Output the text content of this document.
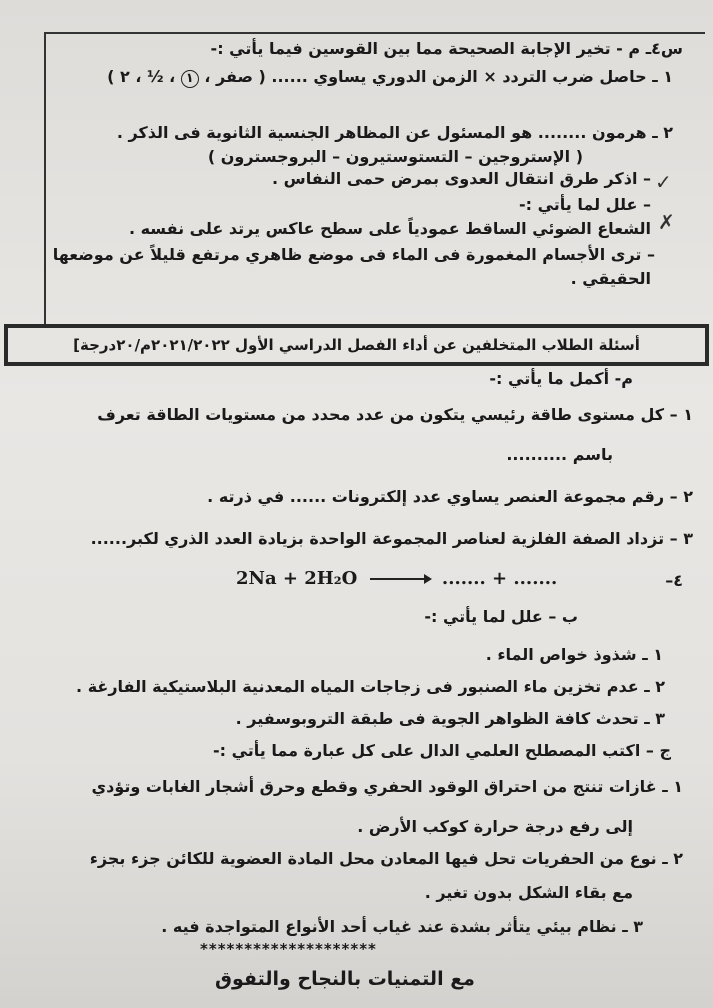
س٤ـ م - تخير الإجابة الصحيحة مما بين القوسين فيما يأتي :-
١ ـ حاصل ضرب التردد × الزمن الدوري يساوي ...... ( صفر ، ١ ، ½ ، ٢ )
٢ ـ هرمون ........ هو المسئول عن المظاهر الجنسية الثانوية فى الذكر .
( الإستروجين – التستوستيرون – البروجسترون )
– اذكر طرق انتقال العدوى بمرض حمى النفاس .
– علل لما يأتي :-
الشعاع الضوئي الساقط عمودياً على سطح عاكس يرتد على نفسه .
– ترى الأجسام المغمورة فى الماء فى موضع ظاهري مرتفع قليلاً عن موضعها
الحقيقي .
✓
✗
أسئلة الطلاب المتخلفين عن أداء الفصل الدراسي الأول ٢٠٢١/٢٠٢٢م/٢٠درجة]
م- أكمل ما يأتي :-
١ – كل مستوى طاقة رئيسي يتكون من عدد محدد من مستويات الطاقة تعرف
باسم ..........
٢ – رقم مجموعة العنصر يساوي عدد إلكترونات ...... في ذرته .
٣ – تزداد الصفة الفلزية لعناصر المجموعة الواحدة بزيادة العدد الذري لكبر......
٤–
2Na + 2H₂O → ....... + .......
ب – علل لما يأتي :-
١ ـ شذوذ خواص الماء .
٢ ـ عدم تخزين ماء الصنبور فى زجاجات المياه المعدنية البلاستيكية الفارغة .
٣ ـ تحدث كافة الظواهر الجوية فى طبقة التروبوسفير .
ج – اكتب المصطلح العلمي الدال على كل عبارة مما يأتي :-
١ ـ غازات تنتج من احتراق الوقود الحفري وقطع وحرق أشجار الغابات وتؤدي
إلى رفع درجة حرارة كوكب الأرض .
٢ ـ نوع من الحفريات تحل فيها المعادن محل المادة العضوية للكائن جزء بجزء
مع بقاء الشكل بدون تغير .
٣ ـ نظام بيئي يتأثر بشدة عند غياب أحد الأنواع المتواجدة فيه .
********************
مع التمنيات بالنجاح والتفوق
